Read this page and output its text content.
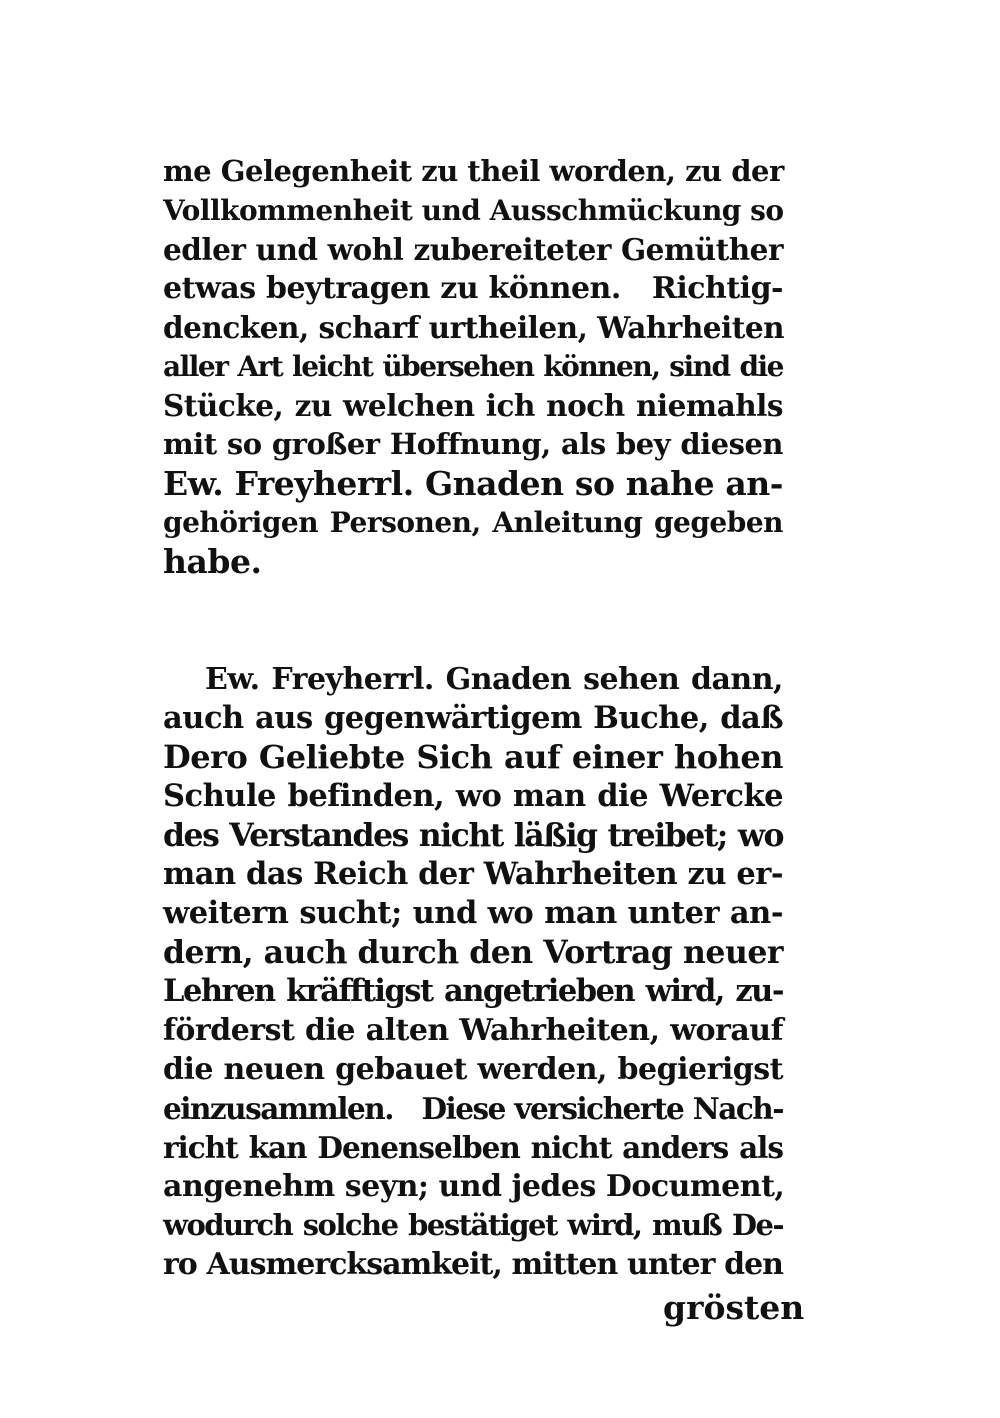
me Gelegenheit zu theil worden, zu der
Vollkommenheit und Ausschmückung so
edler und wohl zubereiteter Gemüther
etwas beytragen zu können.   Richtig-
dencken, scharf urtheilen, Wahrheiten
aller Art leicht übersehen können, sind die
Stücke, zu welchen ich noch niemahls
mit so großer Hoffnung, als bey diesen
Ew. Freyherrl. Gnaden so nahe an-
gehörigen Personen, Anleitung gegeben
habe.
Ew. Freyherrl. Gnaden sehen dann,
auch aus gegenwärtigem Buche, daß
Dero Geliebte Sich auf einer hohen
Schule befinden, wo man die Wercke
des Verstandes nicht läßig treibet; wo
man das Reich der Wahrheiten zu er-
weitern sucht; und wo man unter an-
dern, auch durch den Vortrag neuer
Lehren kräfftigst angetrieben wird, zu-
förderst die alten Wahrheiten, worauf
die neuen gebauet werden, begierigst
einzusammlen.   Diese versicherte Nach-
richt kan Denenselben nicht anders als
angenehm seyn; und jedes Document,
wodurch solche bestätiget wird, muß De-
ro Ausmercksamkeit, mitten unter den
grösten
